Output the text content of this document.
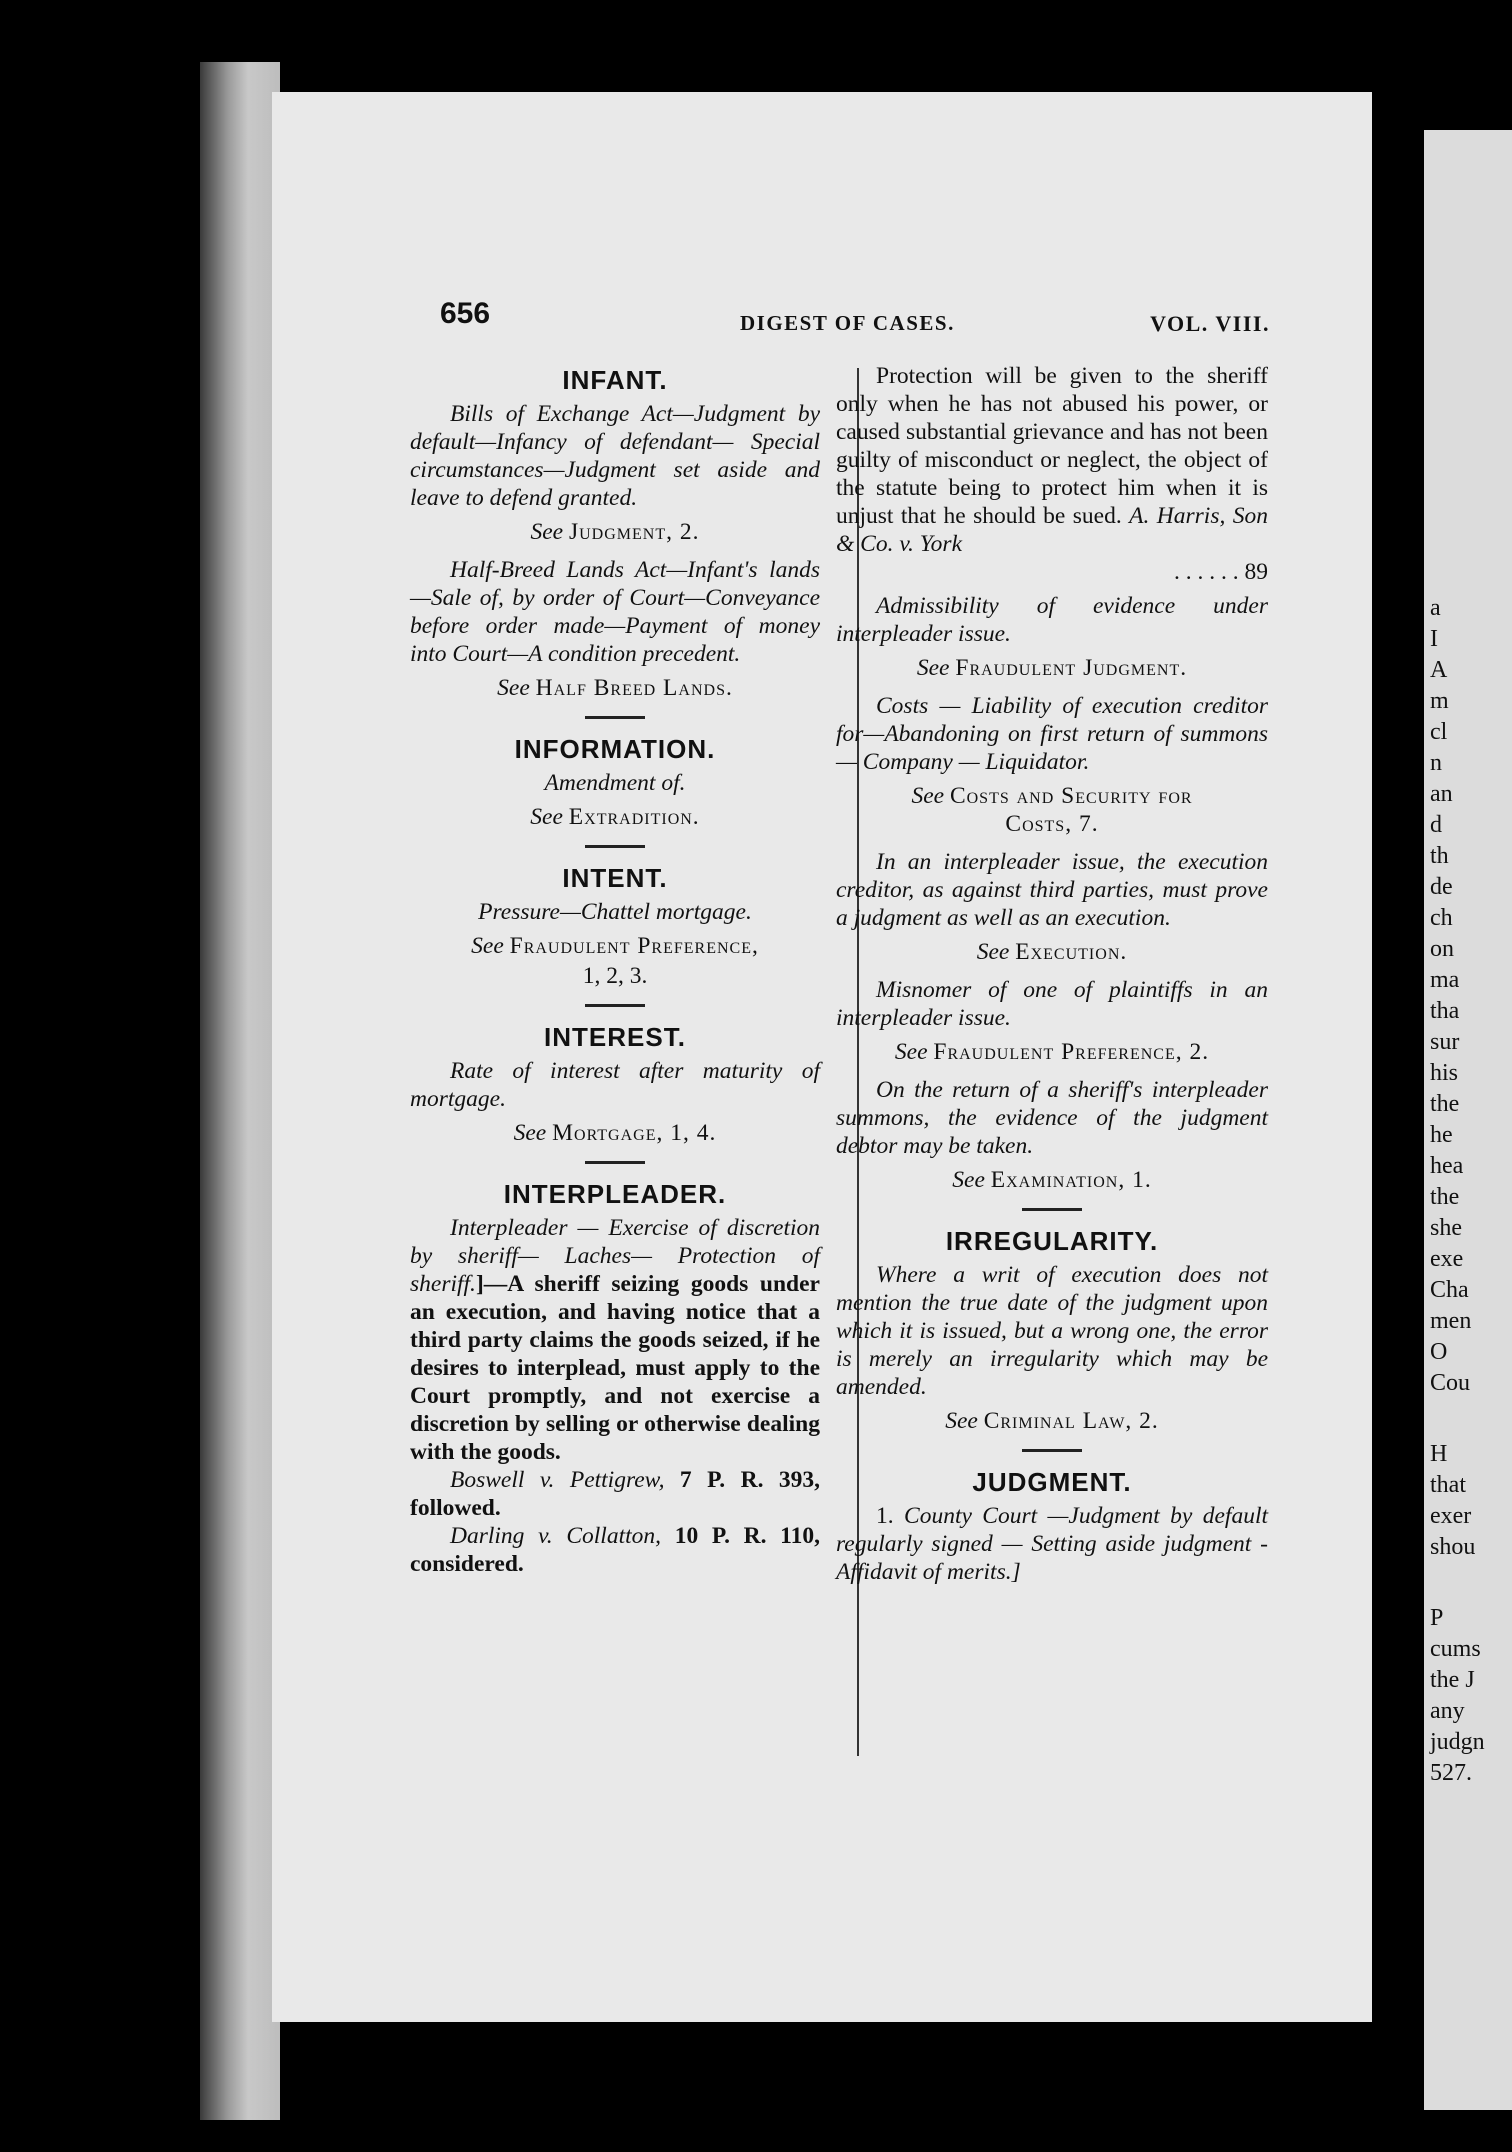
a
I
A
m
cl
n
an
d
th
de
ch
on
ma
tha
sur
his
the
he
hea
the
she
exe
Cha
men
O
Cou
H
that
exer
shou
P
cums
the J
any
judgn
527.
656	DIGEST OF CASES.	VOL. VIII.
INFANT.

Bills of Exchange Act—Judgment by default—Infancy of defendant— Special circumstances—Judgment set aside and leave to defend granted.

See Judgment, 2.

Half-Breed Lands Act—Infant's lands—Sale of, by order of Court—Conveyance before order made—Payment of money into Court—A condition precedent.

See Half Breed Lands.
INFORMATION.

Amendment of.

See Extradition.
INTENT.

Pressure—Chattel mortgage.

See Fraudulent Preference,
1, 2, 3.
INTEREST.

Rate of interest after maturity of mortgage.

See Mortgage, 1, 4.
INTERPLEADER.

Interpleader — Exercise of discretion by sheriff— Laches— Protection of sheriff.]—A sheriff seizing goods under an execution, and having notice that a third party claims the goods seized, if he desires to interplead, must apply to the Court promptly, and not exercise a discretion by selling or otherwise dealing with the goods.

Boswell v. Pettigrew, 7 P. R. 393, followed.

Darling v. Collatton, 10 P. R. 110, considered.

Protection will be given to the sheriff only when he has not abused his power, or caused substantial grievance and has not been guilty of misconduct or neglect, the object of the statute being to protect him when it is unjust that he should be sued. A. Harris, Son & Co. v. York

. . . . . . 89

Admissibility of evidence under interpleader issue.

See Fraudulent Judgment.

Costs — Liability of execution creditor for—Abandoning on first return of summons — Company — Liquidator.

See Costs and Security for
Costs, 7.

In an interpleader issue, the execution creditor, as against third parties, must prove a judgment as well as an execution.

See Execution.

Misnomer of one of plaintiffs in an interpleader issue.

See Fraudulent Preference, 2.

On the return of a sheriff's interpleader summons, the evidence of the judgment debtor may be taken.

See Examination, 1.
IRREGULARITY.

Where a writ of execution does not mention the true date of the judgment upon which it is issued, but a wrong one, the error is merely an irregularity which may be amended.

See Criminal Law, 2.
JUDGMENT.

1. County Court —Judgment by default regularly signed — Setting aside judgment - Affidavit of merits.]
